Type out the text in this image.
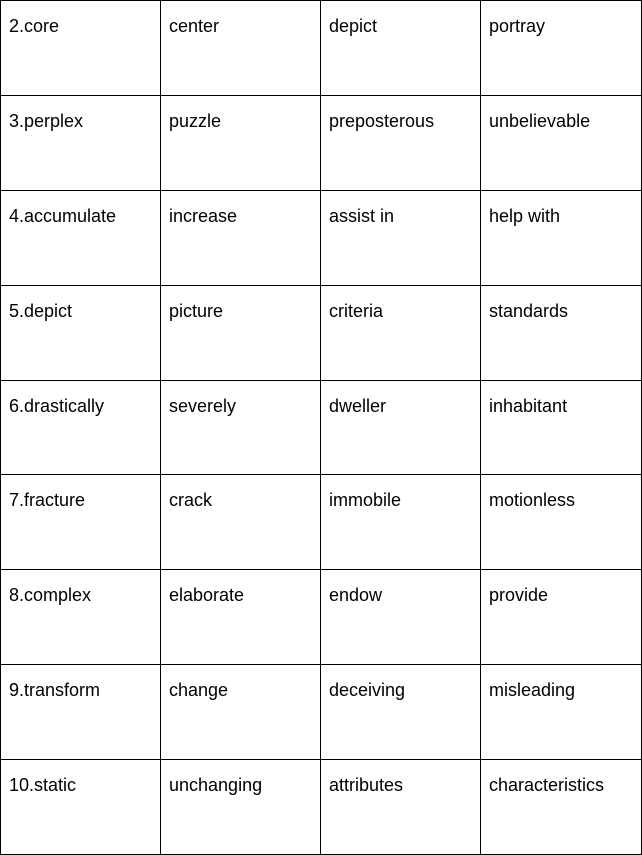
2.core	center	depict	portray
3.perplex	puzzle	preposterous	unbelievable
4.accumulate	increase	assist in	help with
5.depict	picture	criteria	standards
6.drastically	severely	dweller	inhabitant
7.fracture	crack	immobile	motionless
8.complex	elaborate	endow	provide
9.transform	change	deceiving	misleading
10.static	unchanging	attributes	characteristics
